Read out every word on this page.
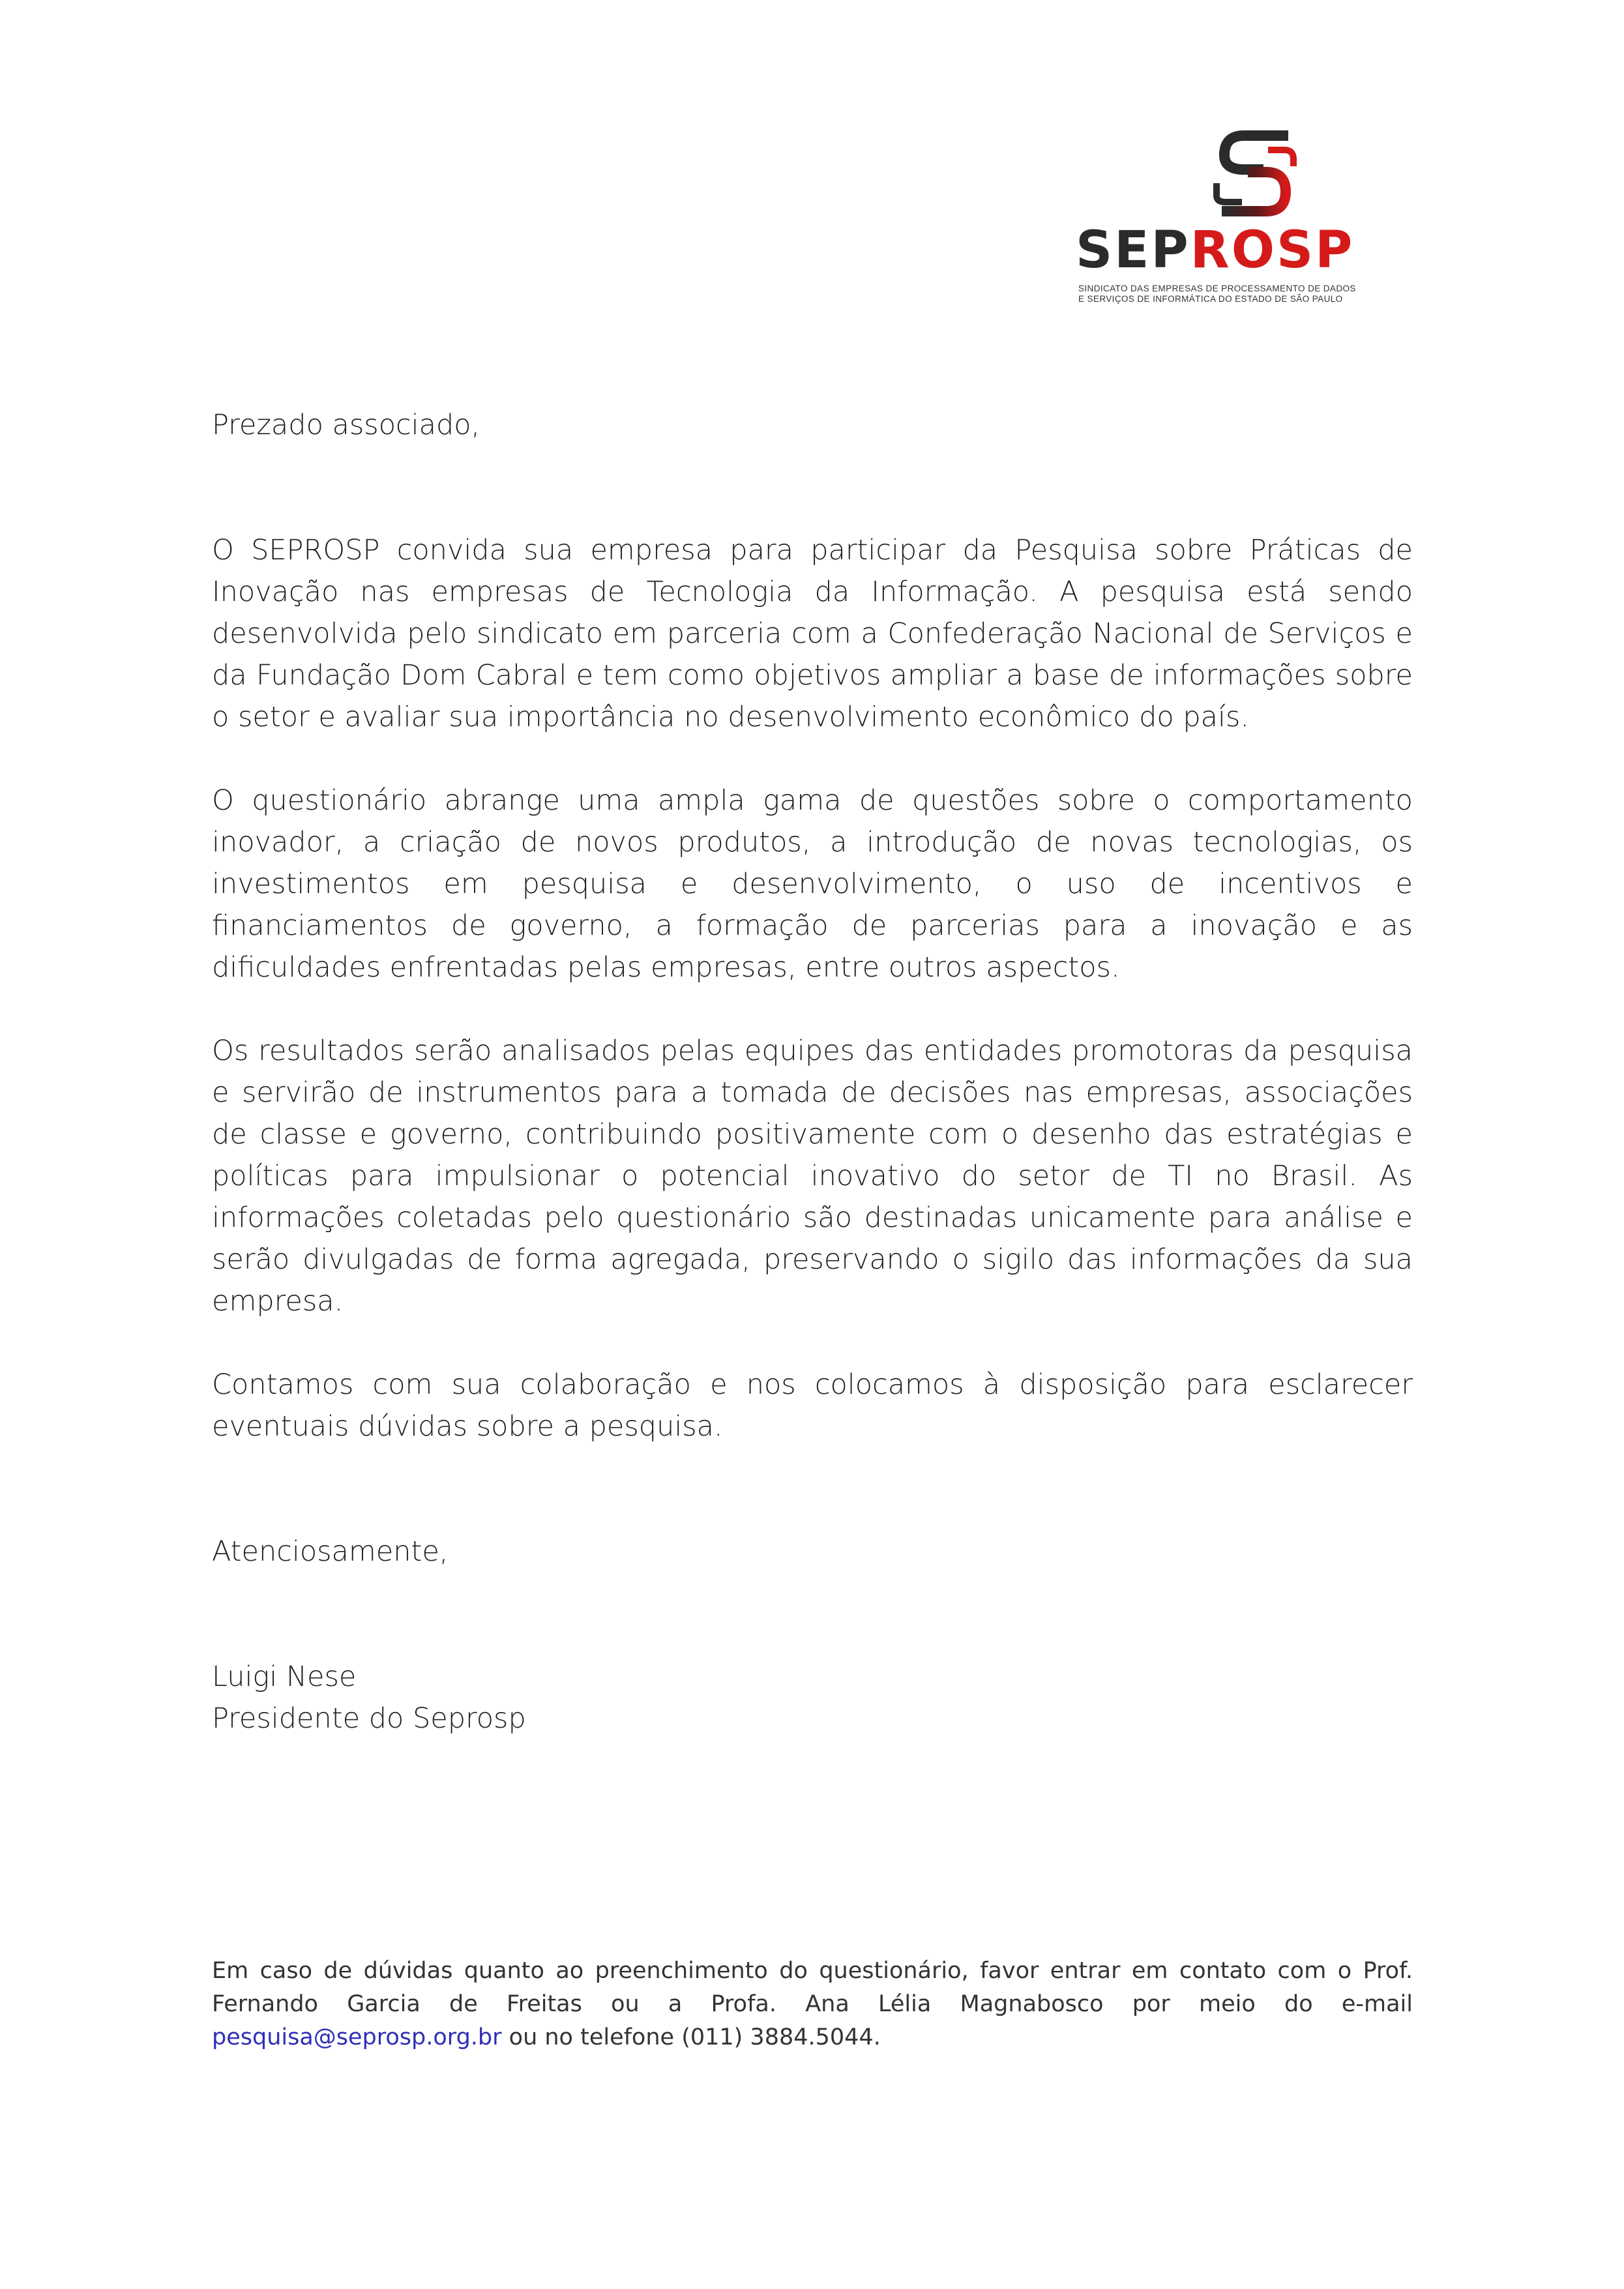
SEPROSP
SINDICATO DAS EMPRESAS DE PROCESSAMENTO DE DADOS
E SERVIÇOS DE INFORMÁTICA DO ESTADO DE SÃO PAULO

Prezado associado,

O SEPROSP convida sua empresa para participar da Pesquisa sobre Práticas de Inovação nas empresas de Tecnologia da Informação. A pesquisa está sendo desenvolvida pelo sindicato em parceria com a Confederação Nacional de Serviços e da Fundação Dom Cabral e tem como objetivos ampliar a base de informações sobre o setor e avaliar sua importância no desenvolvimento econômico do país.

O questionário abrange uma ampla gama de questões sobre o comportamento inovador, a criação de novos produtos, a introdução de novas tecnologias, os investimentos em pesquisa e desenvolvimento, o uso de incentivos e financiamentos de governo, a formação de parcerias para a inovação e as dificuldades enfrentadas pelas empresas, entre outros aspectos.

Os resultados serão analisados pelas equipes das entidades promotoras da pesquisa e servirão de instrumentos para a tomada de decisões nas empresas, associações de classe e governo, contribuindo positivamente com o desenho das estratégias e políticas para impulsionar o potencial inovativo do setor de TI no Brasil. As informações coletadas pelo questionário são destinadas unicamente para análise e serão divulgadas de forma agregada, preservando o sigilo das informações da sua empresa.

Contamos com sua colaboração e nos colocamos à disposição para esclarecer eventuais dúvidas sobre a pesquisa.

Atenciosamente,

Luigi Nese

Presidente do Seprosp

Em caso de dúvidas quanto ao preenchimento do questionário, favor entrar em contato com o Prof. Fernando Garcia de Freitas ou a Profa. Ana Lélia Magnabosco por meio do e-mail pesquisa@seprosp.org.br ou no telefone (011) 3884.5044.
